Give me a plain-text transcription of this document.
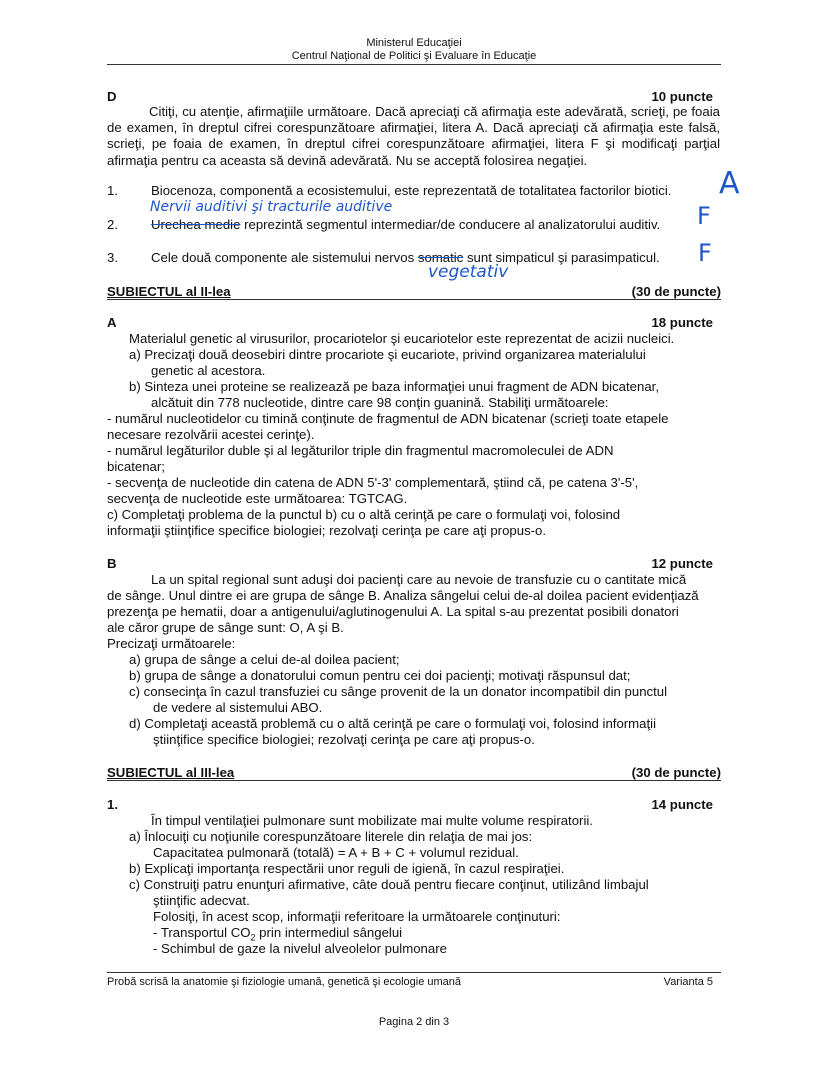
Ministerul Educaţiei
Centrul Naţional de Politici şi Evaluare în Educaţie
D	10 puncte
Citiţi, cu atenţie, afirmaţiile următoare. Dacă apreciaţi că afirmaţia este adevărată, scrieţi, pe foaia de examen, în dreptul cifrei corespunzătoare afirmaţiei, litera A. Dacă apreciaţi că afirmaţia este falsă, scrieţi, pe foaia de examen, în dreptul cifrei corespunzătoare afirmaţiei, litera F şi modificaţi parţial afirmaţia pentru ca aceasta să devină adevărată. Nu se acceptă folosirea negaţiei.
1.	Biocenoza, componentă a ecosistemului, este reprezentată de totalitatea factorilor biotici.
2.	Urechea medie reprezintă segmentul intermediar/de conducere al analizatorului auditiv.
3.	Cele două componente ale sistemului nervos somatic sunt simpaticul şi parasimpaticul.
A
F
F
Nervii auditivi şi tracturile auditive
vegetativ
SUBIECTUL al II-lea	(30 de puncte)
A	18 puncte
Materialul genetic al virusurilor, procariotelor şi eucariotelor este reprezentat de acizii nucleici.
a) Precizaţi două deosebiri dintre procariote şi eucariote, privind organizarea materialului
genetic al acestora.
b) Sinteza unei proteine se realizează pe baza informaţiei unui fragment de ADN bicatenar,
alcătuit din 778 nucleotide, dintre care 98 conţin guanină. Stabiliţi următoarele:
- numărul nucleotidelor cu timină conţinute de fragmentul de ADN bicatenar (scrieţi toate etapele
necesare rezolvării acestei cerinţe).
- numărul legăturilor duble şi al legăturilor triple din fragmentul macromoleculei de ADN
bicatenar;
- secvenţa de nucleotide din catena de ADN 5'-3' complementară, ştiind că, pe catena 3'-5',
secvenţa de nucleotide este următoarea: TGTCAG.
c) Completaţi problema de la punctul b) cu o altă cerinţă pe care o formulaţi voi, folosind
informaţii ştiinţifice specifice biologiei; rezolvaţi cerinţa pe care aţi propus-o.
B	12 puncte
La un spital regional sunt aduşi doi pacienţi care au nevoie de transfuzie cu o cantitate mică
de sânge. Unul dintre ei are grupa de sânge B. Analiza sângelui celui de-al doilea pacient evidenţiază
prezenţa pe hematii, doar a antigenului/aglutinogenului A. La spital s-au prezentat posibili donatori
ale căror grupe de sânge sunt: O, A şi B.
Precizaţi următoarele:
a) grupa de sânge a celui de-al doilea pacient;
b) grupa de sânge a donatorului comun pentru cei doi pacienţi; motivaţi răspunsul dat;
c) consecinţa în cazul transfuziei cu sânge provenit de la un donator incompatibil din punctul
de vedere al sistemului ABO.
d) Completaţi această problemă cu o altă cerinţă pe care o formulaţi voi, folosind informaţii
ştiinţifice specifice biologiei; rezolvaţi cerinţa pe care aţi propus-o.
SUBIECTUL al III-lea	(30 de puncte)
1.	14 puncte
În timpul ventilaţiei pulmonare sunt mobilizate mai multe volume respiratorii.
a) Înlocuiţi cu noţiunile corespunzătoare literele din relaţia de mai jos:
Capacitatea pulmonară (totală) = A + B + C + volumul rezidual.
b) Explicaţi importanţa respectării unor reguli de igienă, în cazul respiraţiei.
c) Construiţi patru enunţuri afirmative, câte două pentru fiecare conţinut, utilizând limbajul
ştiinţific adecvat.
Folosiţi, în acest scop, informaţii referitoare la următoarele conţinuturi:
- Transportul $CO_2$ prin intermediul sângelui
- Schimbul de gaze la nivelul alveolelor pulmonare
Probă scrisă la anatomie şi fiziologie umană, genetică şi ecologie umană	Varianta 5
Pagina 2 din 3
